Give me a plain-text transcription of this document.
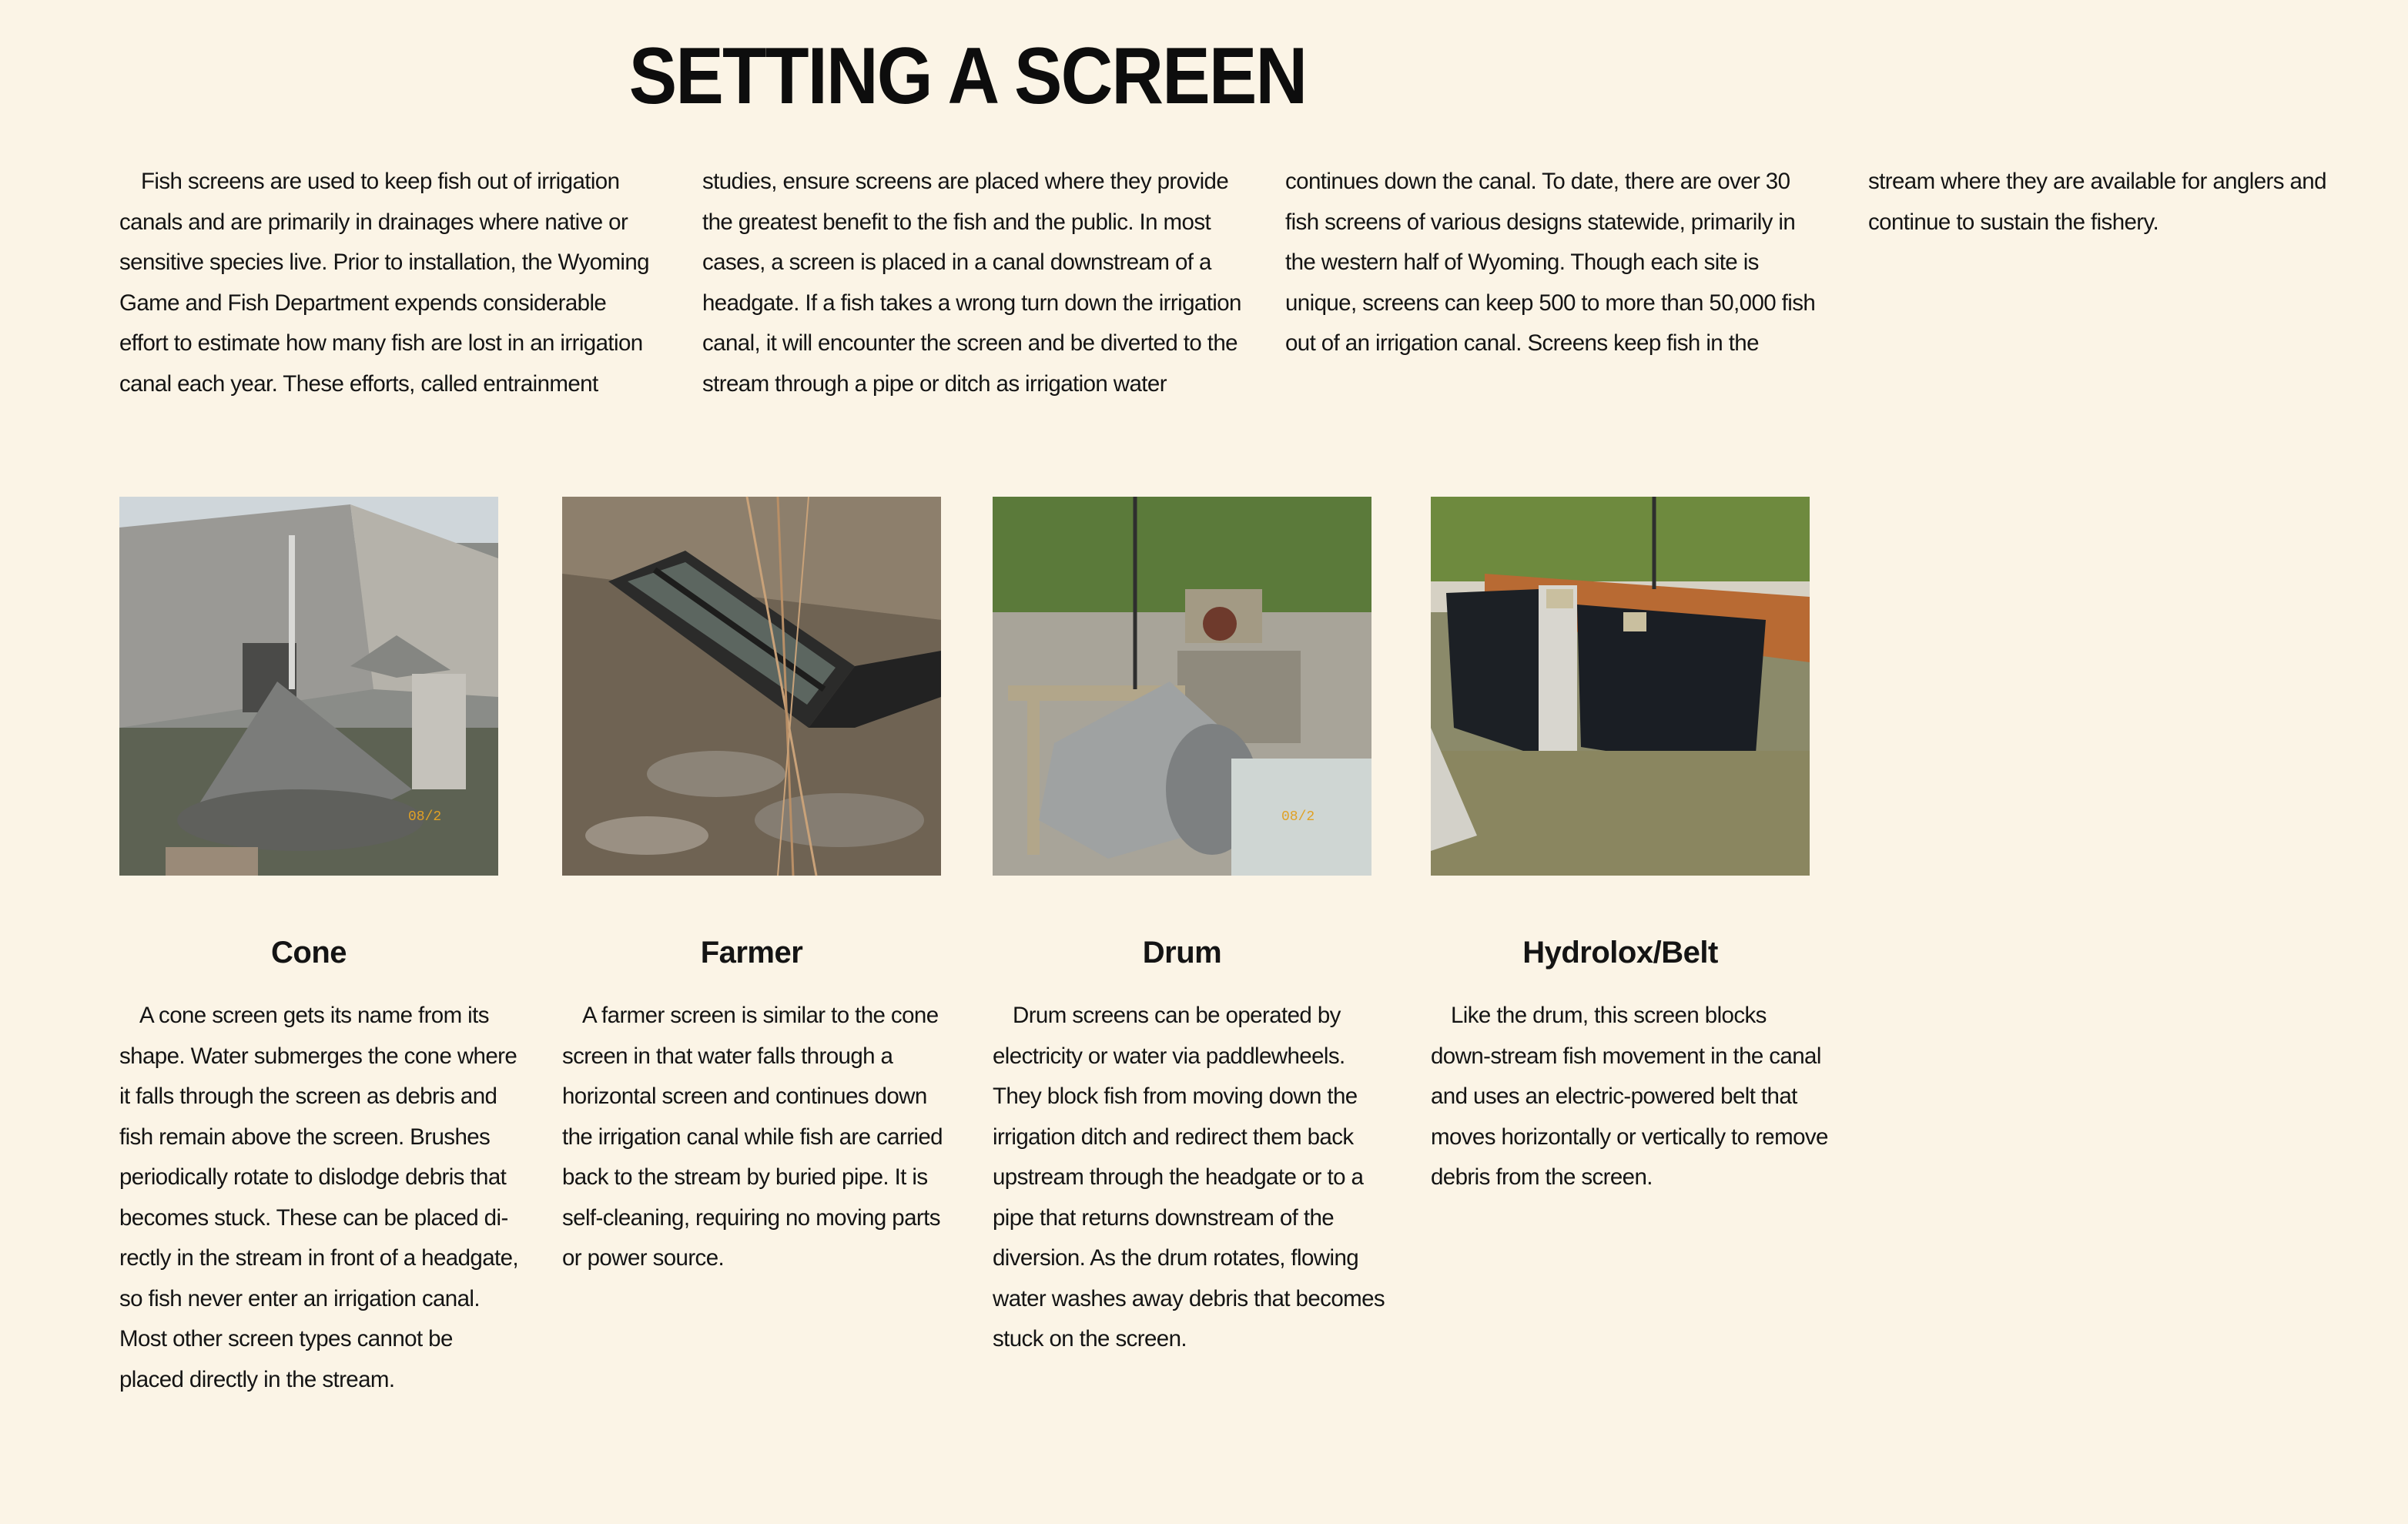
SETTING A SCREEN

Fish screens are used to keep fish out of irrigation canals and are primarily in drainages where native or sensitive species live. Prior to installation, the Wyoming Game and Fish Department expends considerable effort to estimate how many fish are lost in an irrigation canal each year. These efforts, called entrainment studies, ensure screens are placed where they provide the greatest benefit to the fish and the public. In most cases, a screen is placed in a canal downstream of a headgate. If a fish takes a wrong turn down the irrigation canal, it will encounter the screen and be diverted to the stream through a pipe or ditch as irrigation water continues down the canal. To date, there are over 30 fish screens of various designs statewide, primarily in the western half of Wyoming. Though each site is unique, screens can keep 500 to more than 50,000 fish out of an irrigation canal. Screens keep fish in the stream where they are available for anglers and continue to sustain the fishery.

08/2
Cone

A cone screen gets its name from its shape. Water submerges the cone where it falls through the screen as debris and fish remain above the screen. Brushes periodically rotate to dislodge debris that becomes stuck. These can be placed di-rectly in the stream in front of a headgate, so fish never enter an irrigation canal. Most other screen types cannot be placed directly in the stream.

Farmer

A farmer screen is similar to the cone screen in that water falls through a horizontal screen and continues down the irrigation canal while fish are carried back to the stream by buried pipe. It is self-cleaning, requiring no moving parts or power source.

08/2
Drum

Drum screens can be operated by electricity or water via paddlewheels. They block fish from moving down the irrigation ditch and redirect them back upstream through the headgate or to a pipe that returns downstream of the diversion. As the drum rotates, flowing water washes away debris that becomes stuck on the screen.

Hydrolox/Belt

Like the drum, this screen blocks down-stream fish movement in the canal and uses an electric-powered belt that moves horizontally or vertically to remove debris from the screen.
